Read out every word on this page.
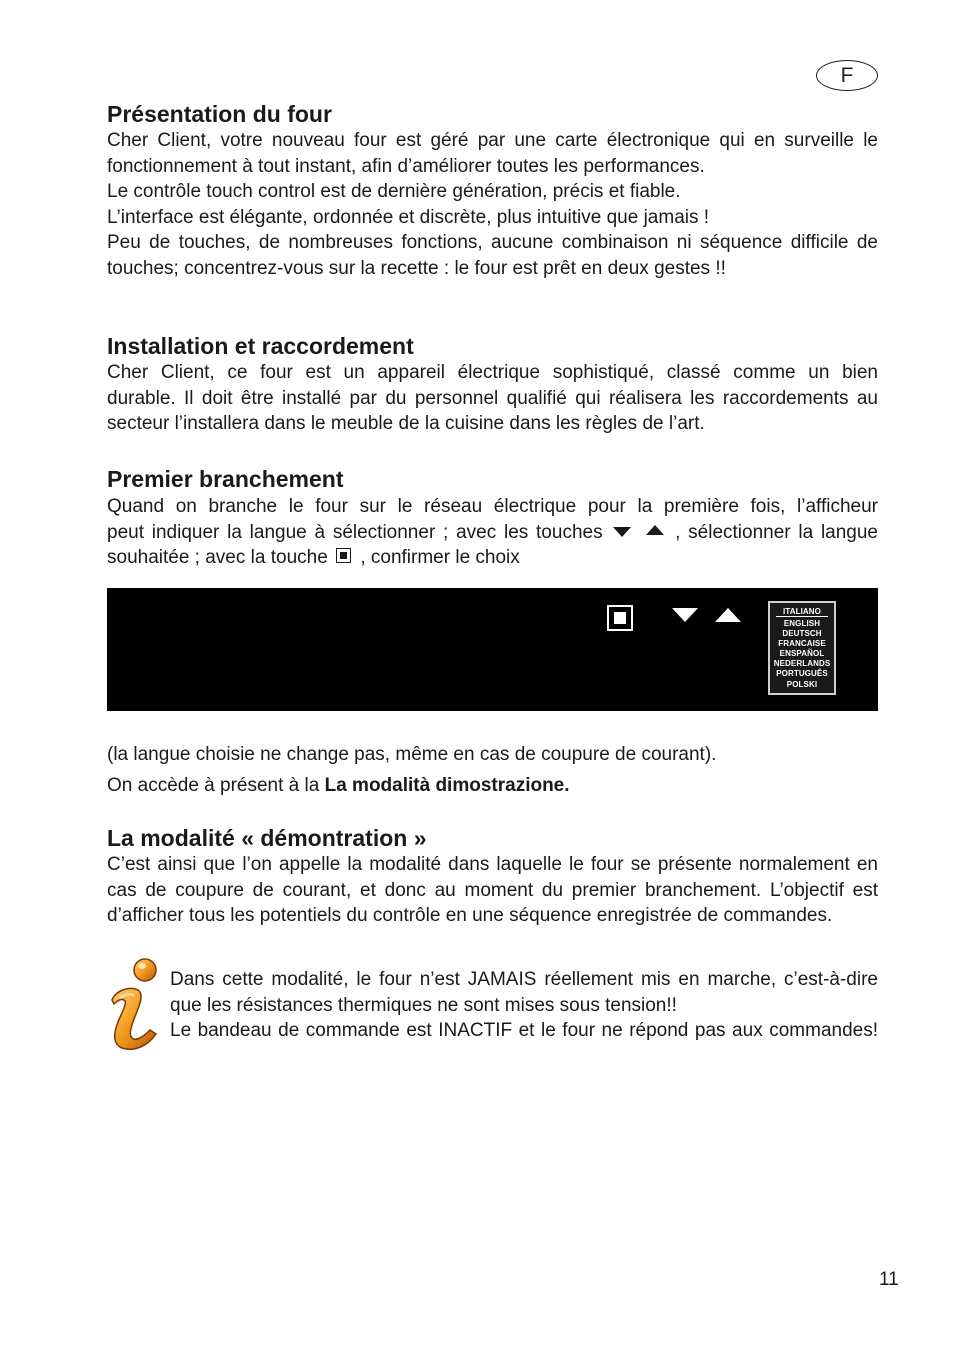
F
Présentation du four

Cher Client, votre nouveau four est géré par une carte électronique qui en surveille le
fonctionnement à tout instant, afin d’améliorer toutes les performances.
Le contrôle touch control est de dernière génération, précis et fiable.
L’interface est élégante, ordonnée et discrète, plus intuitive que jamais !
Peu de touches, de nombreuses fonctions, aucune combinaison ni séquence difficile de
touches; concentrez-vous sur la recette : le four est prêt en deux gestes !!

Installation et raccordement

Cher Client, ce four est un appareil électrique sophistiqué, classé comme un bien
durable. Il doit être installé par du personnel qualifié qui réalisera les raccordements au
secteur l’installera dans le meuble de la cuisine dans les règles de l’art.

Premier branchement

Quand on branche le four sur le réseau électrique pour la première fois, l’afficheur
peut indiquer la langue à sélectionner ; avec les touches	, sélectionner la langue
souhaitée ; avec la touche , confirmer le choix

(la langue choisie ne change pas, même en cas de coupure de courant).

On accède à présent à la La modalità dimostrazione.

La modalité « démontration »

C’est ainsi que l’on appelle la modalité dans laquelle le four se présente normalement en
cas de coupure de courant, et donc au moment du premier branchement. L’objectif est
d’afficher tous les potentiels du contrôle en une séquence enregistrée de commandes.

Dans cette modalité, le four n’est JAMAIS réellement mis en marche, c’est-à-dire
que les résistances thermiques ne sont mises sous tension!!
Le bandeau de commande est INACTIF et le four ne répond pas aux commandes!

ITALIANO
ENGLISH
DEUTSCH
FRANCAISE
ENSPAÑOL
NEDERLANDS
PORTUGUÊS
POLSKI
11
